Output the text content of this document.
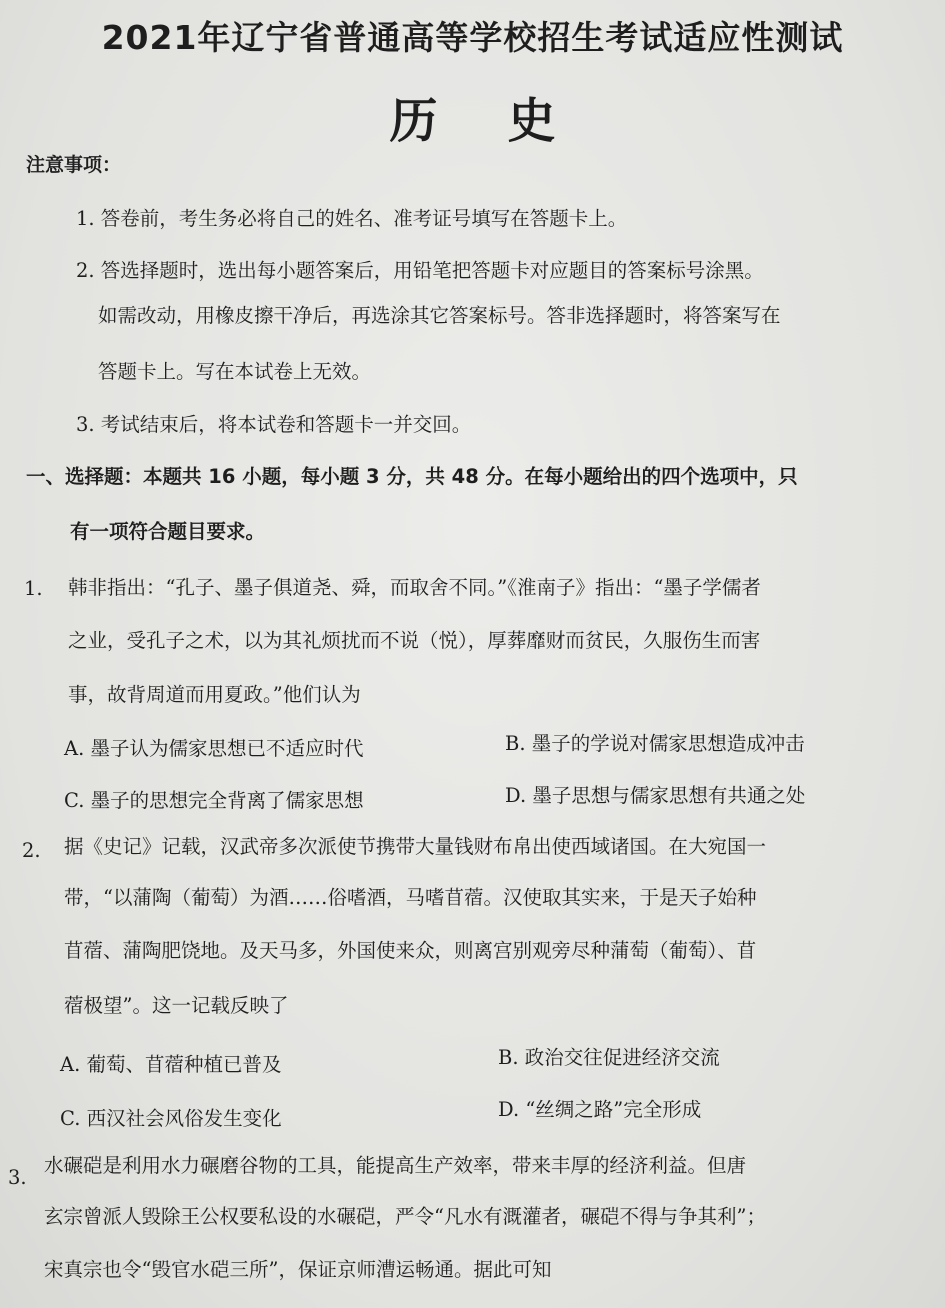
2021年辽宁省普通高等学校招生考试适应性测试
历史
注意事项：
1. 答卷前，考生务必将自己的姓名、准考证号填写在答题卡上。
2. 答选择题时，选出每小题答案后，用铅笔把答题卡对应题目的答案标号涂黑。
如需改动，用橡皮擦干净后，再选涂其它答案标号。答非选择题时，将答案写在
答题卡上。写在本试卷上无效。
3. 考试结束后，将本试卷和答题卡一并交回。
一、选择题：本题共 16 小题，每小题 3 分，共 48 分。在每小题给出的四个选项中，只
有一项符合题目要求。
1. 韩非指出：“孔子、墨子俱道尧、舜，而取舍不同。”《淮南子》指出：“墨子学儒者
之业，受孔子之术，以为其礼烦扰而不说（悦），厚葬靡财而贫民，久服伤生而害
事，故背周道而用夏政。”他们认为
A. 墨子认为儒家思想已不适应时代	B. 墨子的学说对儒家思想造成冲击
C. 墨子的思想完全背离了儒家思想	D. 墨子思想与儒家思想有共通之处
2. 据《史记》记载，汉武帝多次派使节携带大量钱财布帛出使西域诸国。在大宛国一
带，“以蒲陶（葡萄）为酒……俗嗜酒，马嗜苜蓿。汉使取其实来，于是天子始种
苜蓿、蒲陶肥饶地。及天马多，外国使来众，则离宫别观旁尽种蒲萄（葡萄）、苜
蓿极望”。这一记载反映了
A. 葡萄、苜蓿种植已普及	B. 政治交往促进经济交流
C. 西汉社会风俗发生变化	D. “丝绸之路”完全形成
3.
水碾硙是利用水力碾磨谷物的工具，能提高生产效率，带来丰厚的经济利益。但唐
玄宗曾派人毁除王公权要私设的水碾硙，严令“凡水有溉灌者，碾硙不得与争其利”；
宋真宗也令“毁官水硙三所”，保证京师漕运畅通。据此可知
